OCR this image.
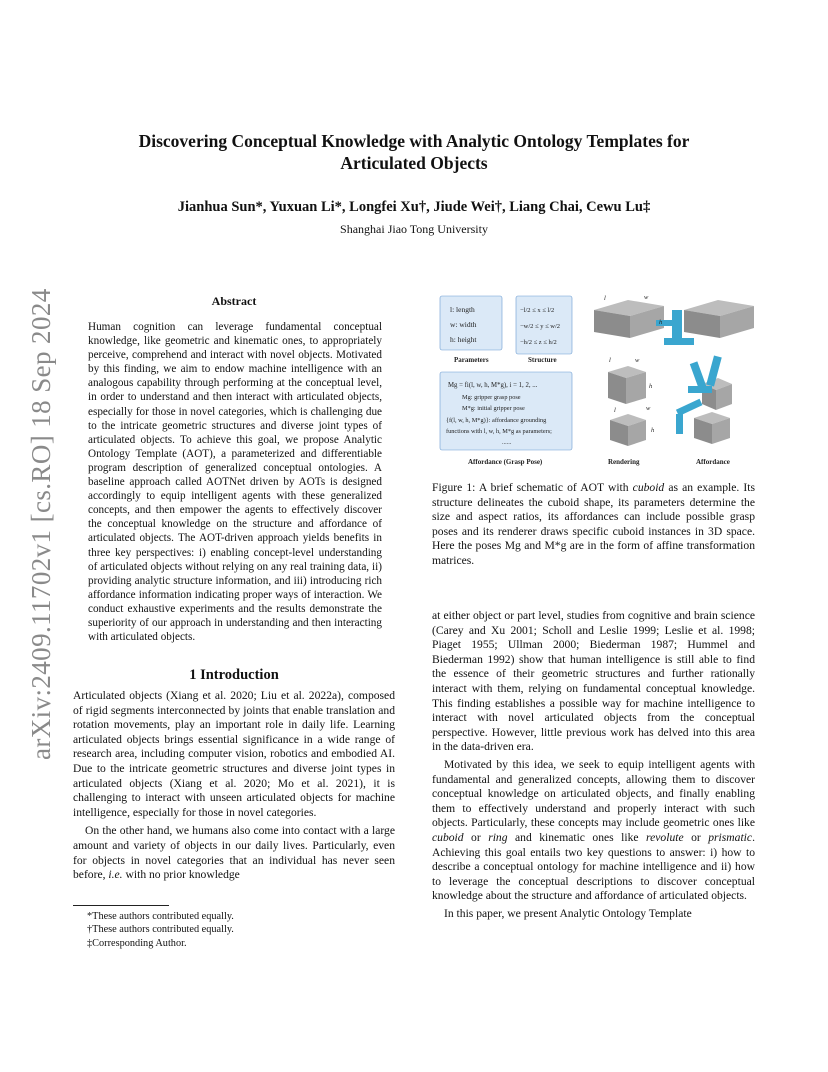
arXiv:2409.11702v1 [cs.RO] 18 Sep 2024
Discovering Conceptual Knowledge with Analytic Ontology Templates for Articulated Objects
Jianhua Sun*, Yuxuan Li*, Longfei Xu†, Jiude Wei†, Liang Chai, Cewu Lu‡
Shanghai Jiao Tong University
Abstract
Human cognition can leverage fundamental conceptual knowledge, like geometric and kinematic ones, to appropriately perceive, comprehend and interact with novel objects. Motivated by this finding, we aim to endow machine intelligence with an analogous capability through performing at the conceptual level, in order to understand and then interact with articulated objects, especially for those in novel categories, which is challenging due to the intricate geometric structures and diverse joint types of articulated objects. To achieve this goal, we propose Analytic Ontology Template (AOT), a parameterized and differentiable program description of generalized conceptual ontologies. A baseline approach called AOTNet driven by AOTs is designed accordingly to equip intelligent agents with these generalized concepts, and then empower the agents to effectively discover the conceptual knowledge on the structure and affordance of articulated objects. The AOT-driven approach yields benefits in three key perspectives: i) enabling concept-level understanding of articulated objects without relying on any real training data, ii) providing analytic structure information, and iii) introducing rich affordance information indicating proper ways of interaction. We conduct exhaustive experiments and the results demonstrate the superiority of our approach in understanding and then interacting with articulated objects.
1 Introduction

Articulated objects (Xiang et al. 2020; Liu et al. 2022a), composed of rigid segments interconnected by joints that enable translation and rotation movements, play an important role in daily life. Learning articulated objects brings essential significance in a wide range of research area, including computer vision, robotics and embodied AI. Due to the intricate geometric structures and diverse joint types in articulated objects (Xiang et al. 2020; Mo et al. 2021), it is challenging to interact with unseen articulated objects for machine intelligence, especially for those in novel categories.

On the other hand, we humans also come into contact with a large amount and variety of objects in our daily lives. Particularly, even for objects in novel categories that an individual has never seen before, i.e. with no prior knowledge

*These authors contributed equally.
†These authors contributed equally.
‡Corresponding Author.
l: length
w: width
h: height
Parameters
−l/2 ≤ x ≤ l/2
−w/2 ≤ y ≤ w/2
−h/2 ≤ z ≤ h/2
Structure
Mg = fi(l, w, h, M*g), i = 1, 2, ...
Mg: gripper grasp pose
M*g: initial gripper pose
{f(l, w, h, M*g)}: affordance grounding
functions with l, w, h, M*g as parameters;
......
Affordance (Grasp Pose)
l	w
h
l	w
h
l	w
h
Rendering	Affordance
Figure 1: A brief schematic of AOT with cuboid as an example. Its structure delineates the cuboid shape, its parameters determine the size and aspect ratios, its affordances can include possible grasp poses and its renderer draws specific cuboid instances in 3D space. Here the poses Mg and M*g are in the form of affine transformation matrices.

at either object or part level, studies from cognitive and brain science (Carey and Xu 2001; Scholl and Leslie 1999; Leslie et al. 1998; Piaget 1955; Ullman 2000; Biederman 1987; Hummel and Biederman 1992) show that human intelligence is still able to find the essence of their geometric structures and further rationally interact with them, relying on fundamental conceptual knowledge. This finding establishes a possible way for machine intelligence to interact with novel articulated objects from the conceptual perspective. However, little previous work has delved into this area in the data-driven era.

Motivated by this idea, we seek to equip intelligent agents with fundamental and generalized concepts, allowing them to discover conceptual knowledge on articulated objects, and finally enabling them to effectively understand and properly interact with such objects. Particularly, these concepts may include geometric ones like cuboid or ring and kinematic ones like revolute or prismatic. Achieving this goal entails two key questions to answer: i) how to describe a conceptual ontology for machine intelligence and ii) how to leverage the conceptual descriptions to discover conceptual knowledge about the structure and affordance of articulated objects.

In this paper, we present Analytic Ontology Template
